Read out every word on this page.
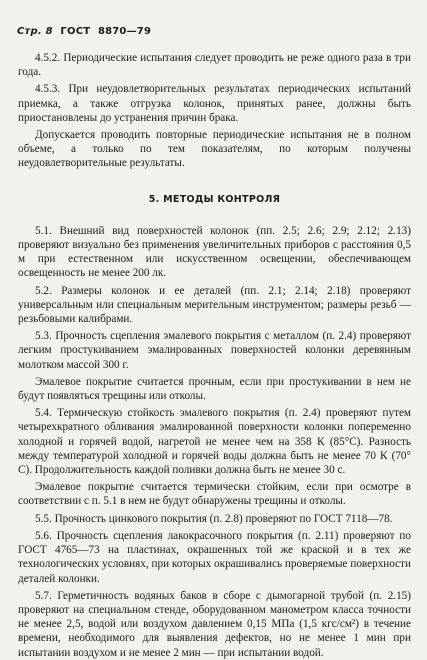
Стр. 8 ГОСТ 8870—79

4.5.2. Периодические испытания следует проводить не реже одного раза в три года.

4.5.3. При неудовлетворительных результатах периодических испытаний приемка, а также отгрузка колонок, принятых ранее, должны быть приостановлены до устранения причин брака.

Допускается проводить повторные периодические испытания не в полном объеме, а только по тем показателям, по которым получены неудовлетворительные результаты.

5. МЕТОДЫ КОНТРОЛЯ

5.1. Внешний вид поверхностей колонок (пп. 2.5; 2.6; 2.9; 2.12; 2.13) проверяют визуально без применения увеличительных приборов с расстояния 0,5 м при естественном или искусственном освещении, обеспечивающем освещенность не менее 200 лк.

5.2. Размеры колонок и ее деталей (пп. 2.1; 2.14; 2.18) проверяют универсальным или специальным мерительным инструментом; размеры резьб — резьбовыми калибрами.

5.3. Прочность сцепления эмалевого покрытия с металлом (п. 2.4) проверяют легким простукиванием эмалированных поверхностей колонки деревянным молотком массой 300 г.

Эмалевое покрытие считается прочным, если при простукивании в нем не будут появляться трещины или отколы.

5.4. Термическую стойкость эмалевого покрытия (п. 2.4) проверяют путем четырехкратного обливания эмалированной поверхности колонки попеременно холодной и горячей водой, нагретой не менее чем на 358 К (85°С). Разность между температурой холодной и горячей воды должна быть не менее 70 К (70° С). Продолжительность каждой поливки должна быть не менее 30 с.

Эмалевое покрытие считается термически стойким, если при осмотре в соответствии с п. 5.1 в нем не будут обнаружены трещины и отколы.

5.5. Прочность цинкового покрытия (п. 2.8) проверяют по ГОСТ 7118—78.

5.6. Прочность сцепления лакокрасочного покрытия (п. 2.11) проверяют по ГОСТ 4765—73 на пластинах, окрашенных той же краской и в тех же технологических условиях, при которых окрашивались проверяемые поверхности деталей колонки.

5.7. Герметичность водяных баков в сборе с дымогарной трубой (п. 2.15) проверяют на специальном стенде, оборудованном манометром класса точности не менее 2,5, водой или воздухом давлением 0,15 МПа (1,5 кгс/см²) в течение времени, необходимого для выявления дефектов, но не менее 1 мин при испытании воздухом и не менее 2 мин — при испытании водой.
